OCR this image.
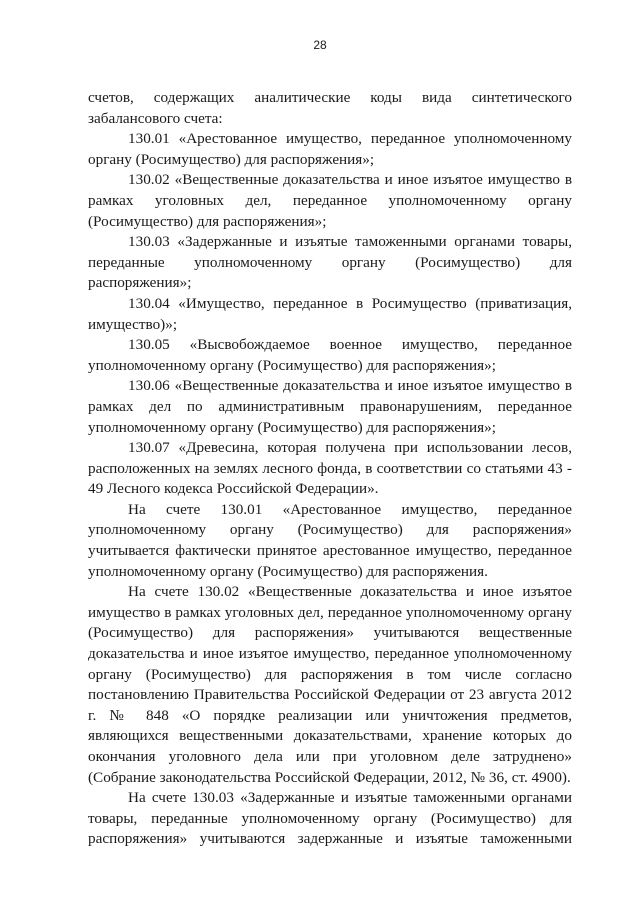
28

счетов, содержащих аналитические коды вида синтетического забалансового счета:

130.01 «Арестованное имущество, переданное уполномоченному органу (Росимущество) для распоряжения»;

130.02 «Вещественные доказательства и иное изъятое имущество в рамках уголовных дел, переданное уполномоченному органу (Росимущество) для распоряжения»;

130.03 «Задержанные и изъятые таможенными органами товары, переданные уполномоченному органу (Росимущество) для распоряжения»;

130.04 «Имущество, переданное в Росимущество (приватизация, имущество)»;

130.05 «Высвобождаемое военное имущество, переданное уполномоченному органу (Росимущество) для распоряжения»;

130.06 «Вещественные доказательства и иное изъятое имущество в рамках дел по административным правонарушениям, переданное уполномоченному органу (Росимущество) для распоряжения»;

130.07 «Древесина, которая получена при использовании лесов, расположенных на землях лесного фонда, в соответствии со статьями 43 - 49 Лесного кодекса Российской Федерации».

На счете 130.01 «Арестованное имущество, переданное уполномоченному органу (Росимущество) для распоряжения» учитывается фактически принятое арестованное имущество, переданное уполномоченному органу (Росимущество) для распоряжения.

На счете 130.02 «Вещественные доказательства и иное изъятое имущество в рамках уголовных дел, переданное уполномоченному органу (Росимущество) для распоряжения» учитываются вещественные доказательства и иное изъятое имущество, переданное уполномоченному органу (Росимущество) для распоряжения в том числе согласно постановлению Правительства Российской Федерации от 23 августа 2012 г. № 848 «О порядке реализации или уничтожения предметов, являющихся вещественными доказательствами, хранение которых до окончания уголовного дела или при уголовном деле затруднено» (Собрание законодательства Российской Федерации, 2012, № 36, ст. 4900).

На счете 130.03 «Задержанные и изъятые таможенными органами товары, переданные уполномоченному органу (Росимущество) для распоряжения» учитываются задержанные и изъятые таможенными
